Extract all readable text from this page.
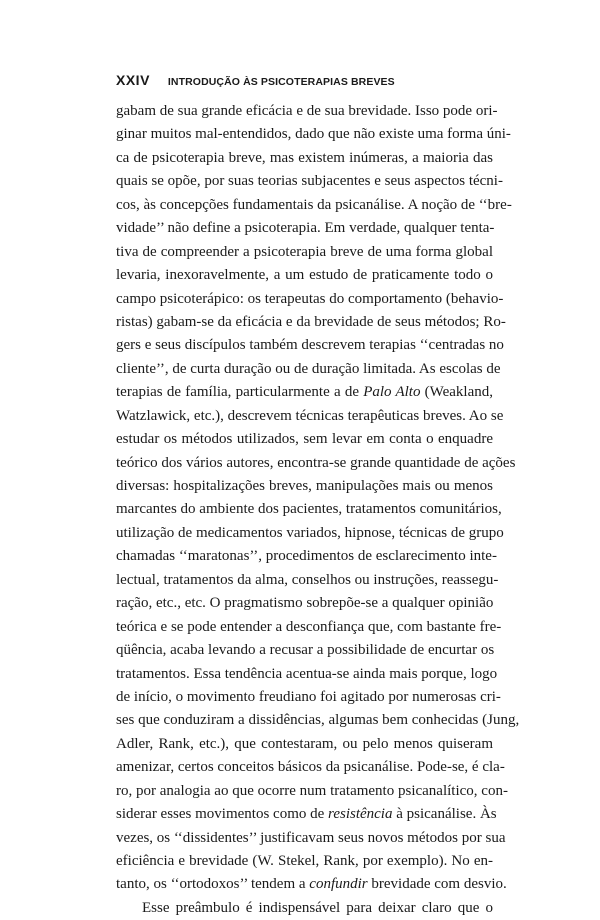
XXIV INTRODUÇÃO ÀS PSICOTERAPIAS BREVES
gabam de sua grande eficácia e de sua brevidade. Isso pode ori-
ginar muitos mal-entendidos, dado que não existe uma forma úni-
ca de psicoterapia breve, mas existem inúmeras, a maioria das
quais se opõe, por suas teorias subjacentes e seus aspectos técni-
cos, às concepções fundamentais da psicanálise. A noção de ‘‘bre-
vidade’’ não define a psicoterapia. Em verdade, qualquer tenta-
tiva de compreender a psicoterapia breve de uma forma global
levaria, inexoravelmente, a um estudo de praticamente todo o
campo psicoterápico: os terapeutas do comportamento (behavio-
ristas) gabam-se da eficácia e da brevidade de seus métodos; Ro-
gers e seus discípulos também descrevem terapias ‘‘centradas no
cliente’’, de curta duração ou de duração limitada. As escolas de
terapias de família, particularmente a de Palo Alto (Weakland,
Watzlawick, etc.), descrevem técnicas terapêuticas breves. Ao se
estudar os métodos utilizados, sem levar em conta o enquadre
teórico dos vários autores, encontra-se grande quantidade de ações
diversas: hospitalizações breves, manipulações mais ou menos
marcantes do ambiente dos pacientes, tratamentos comunitários,
utilização de medicamentos variados, hipnose, técnicas de grupo
chamadas ‘‘maratonas’’, procedimentos de esclarecimento inte-
lectual, tratamentos da alma, conselhos ou instruções, reassegu-
ração, etc., etc. O pragmatismo sobrepõe-se a qualquer opinião
teórica e se pode entender a desconfiança que, com bastante fre-
qüência, acaba levando a recusar a possibilidade de encurtar os
tratamentos. Essa tendência acentua-se ainda mais porque, logo
de início, o movimento freudiano foi agitado por numerosas cri-
ses que conduziram a dissidências, algumas bem conhecidas (Jung,
Adler, Rank, etc.), que contestaram, ou pelo menos quiseram
amenizar, certos conceitos básicos da psicanálise. Pode-se, é cla-
ro, por analogia ao que ocorre num tratamento psicanalítico, con-
siderar esses movimentos como de resistência à psicanálise. Às
vezes, os ‘‘dissidentes’’ justificavam seus novos métodos por sua
eficiência e brevidade (W. Stekel, Rank, por exemplo). No en-
tanto, os ‘‘ortodoxos’’ tendem a confundir brevidade com desvio.
Esse preâmbulo é indispensável para deixar claro que o
